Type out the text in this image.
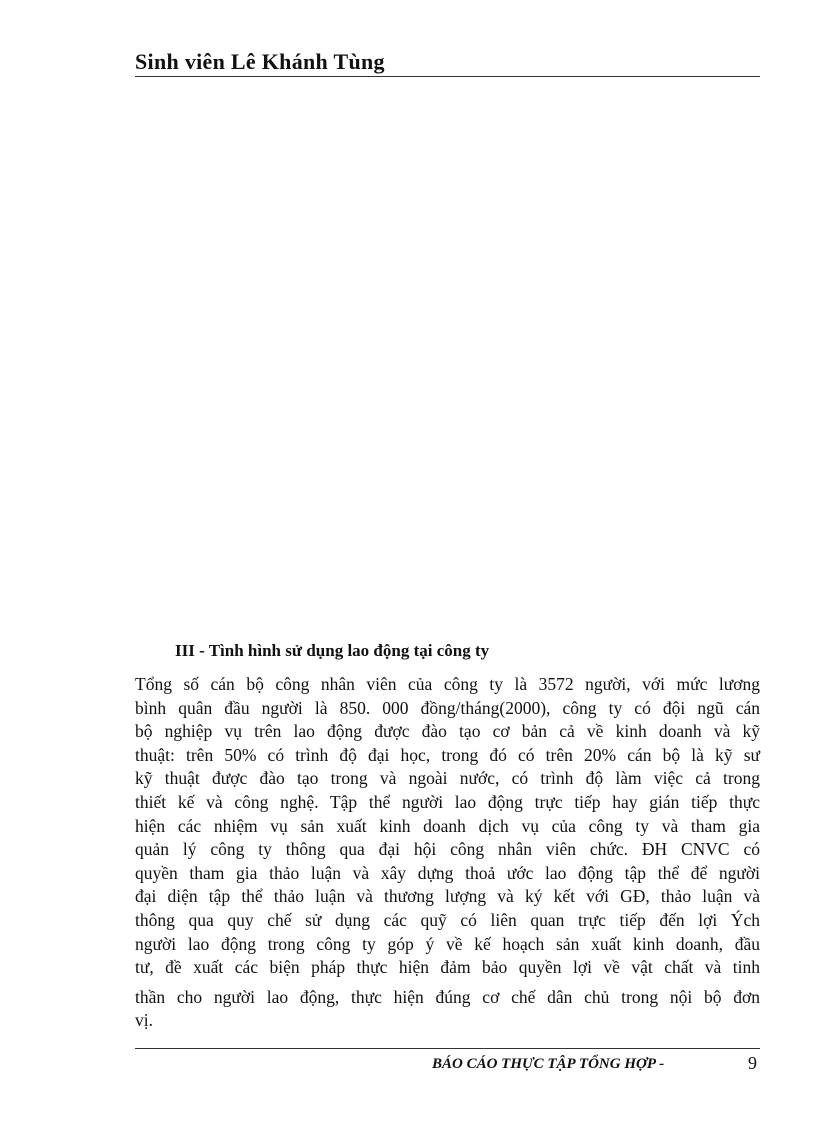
Sinh viên Lê Khánh Tùng
III - Tình hình sử dụng lao động tại công ty
Tổng số cán bộ công nhân viên của công ty là 3572 người, với mức lương
bình quân đầu người là 850. 000 đồng/tháng(2000), công ty có đội ngũ cán
bộ nghiệp vụ trên lao động được đào tạo cơ bản cả về kinh doanh và kỹ
thuật: trên 50% có trình độ đại học, trong đó có trên 20% cán bộ là kỹ sư
kỹ thuật được đào tạo trong và ngoài nước, có trình độ làm việc cả trong
thiết kế và công nghệ. Tập thể người lao động trực tiếp hay gián tiếp thực
hiện các nhiệm vụ sản xuất kinh doanh dịch vụ của công ty và tham gia
quản lý công ty thông qua đại hội công nhân viên chức. ĐH CNVC có
quyền tham gia thảo luận và xây dựng thoả ước lao động tập thể để người
đại diện tập thể thảo luận và thương lượng và ký kết với GĐ, thảo luận và
thông qua quy chế sử dụng các quỹ có liên quan trực tiếp đến lợi Ých
người lao động trong công ty góp ý về kế hoạch sản xuất kinh doanh, đầu
tư, đề xuất các biện pháp thực hiện đảm bảo quyền lợi về vật chất và tinh
thần cho người lao động, thực hiện đúng cơ chế dân chủ trong nội bộ đơn
vị.
BÁO CÁO THỰC TẬP TỔNG HỢP -	9
